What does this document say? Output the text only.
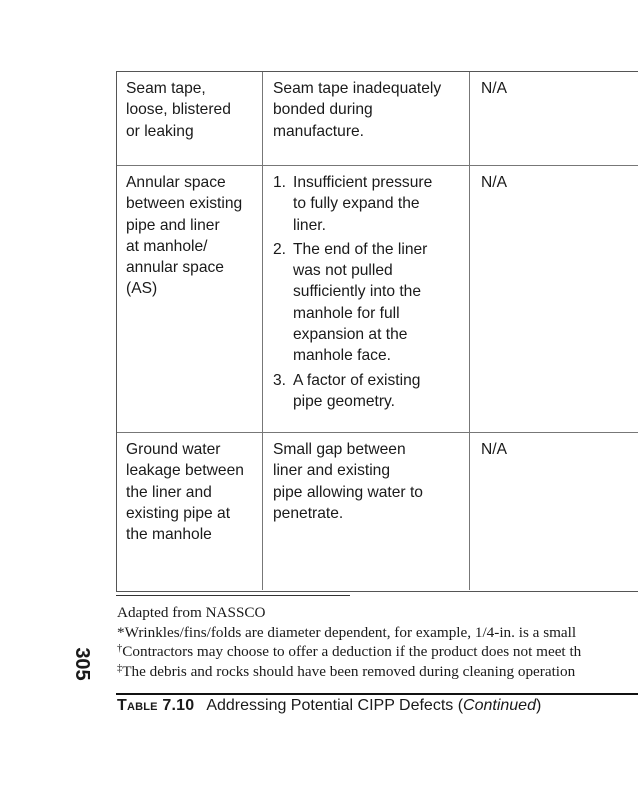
Seam tape,
loose, blistered
or leaking
Seam tape inadequately
bonded during
manufacture.
N/A
Annular space
between existing
pipe and liner
at manhole/
annular space
(AS)
1. Insufficient pressure
to fully expand the
liner.
2. The end of the liner
was not pulled
sufficiently into the
manhole for full
expansion at the
manhole face.
3. A factor of existing
pipe geometry.
N/A
Ground water
leakage between
the liner and
existing pipe at
the manhole
Small gap between
liner and existing
pipe allowing water to
penetrate.
N/A
Adapted from NASSCO
*Wrinkles/fins/folds are diameter dependent, for example, 1/4-in. is a small
†Contractors may choose to offer a deduction if the product does not meet th
‡The debris and rocks should have been removed during cleaning operation
305
Table 7.10 Addressing Potential CIPP Defects (Continued)
